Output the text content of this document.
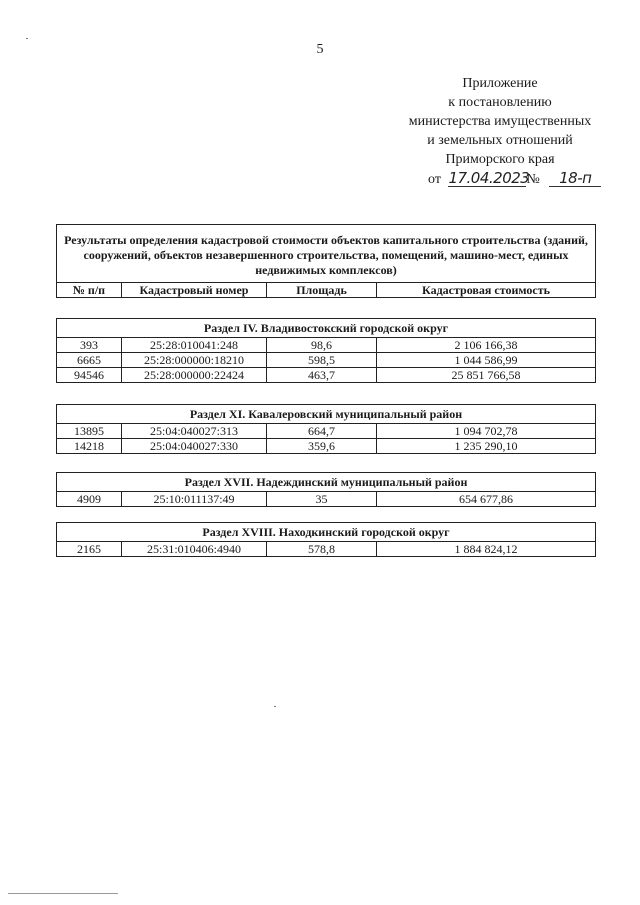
5
Приложение
к постановлению
министерства имущественных
и земельных отношений
Приморского края
от 17.04.2023№ 18-п
Результаты определения кадастровой стоимости объектов капитального строительства (зданий, сооружений, объектов незавершенного строительства, помещений, машино-мест, единых недвижимых комплексов)
№ п/п	Кадастровый номер	Площадь	Кадастровая стоимость
Раздел IV. Владивостокский городской округ			
393	25:28:010041:248	98,6	2 106 166,38
6665	25:28:000000:18210	598,5	1 044 586,99
94546	25:28:000000:22424	463,7	25 851 766,58
Раздел XI. Кавалеровский муниципальный район			
13895	25:04:040027:313	664,7	1 094 702,78
14218	25:04:040027:330	359,6	1 235 290,10
Раздел XVII. Надеждинский муниципальный район
4909	25:10:011137:49	35	654 677,86
Раздел XVIII. Находкинский городской округ
2165	25:31:010406:4940	578,8	1 884 824,12
